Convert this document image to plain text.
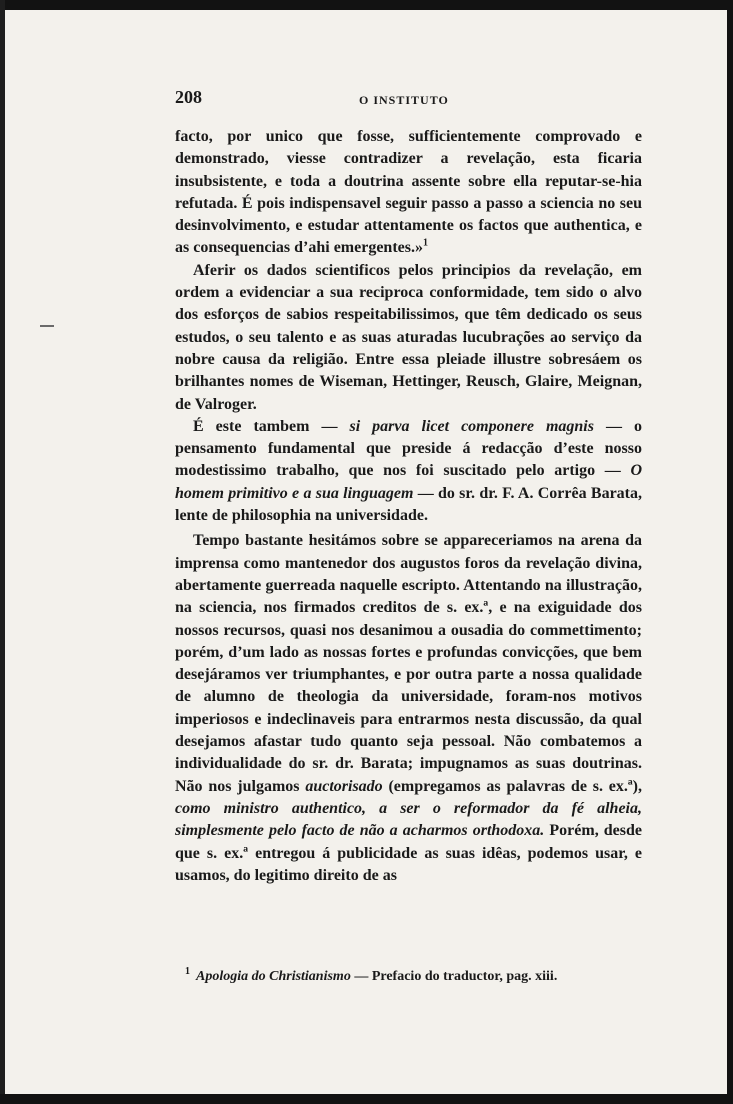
208	O INSTITUTO

facto, por unico que fosse, sufficientemente comprovado e demonstrado, viesse contradizer a revelação, esta ficaria insubsistente, e toda a doutrina assente sobre ella reputar-se-hia refutada. É pois indispensavel seguir passo a passo a sciencia no seu desinvolvimento, e estudar attentamente os factos que authentica, e as consequencias d’ahi emergentes.»$^1$

Aferir os dados scientificos pelos principios da revelação, em ordem a evidenciar a sua reciproca conformidade, tem sido o alvo dos esforços de sabios respeitabilissimos, que têm dedicado os seus estudos, o seu talento e as suas aturadas lucubrações ao serviço da nobre causa da religião. Entre essa pleiade illustre sobresáem os brilhantes nomes de Wiseman, Hettinger, Reusch, Glaire, Meignan, de Valroger.

É este tambem — si parva licet componere magnis — o pensamento fundamental que preside á redacção d’este nosso modestissimo trabalho, que nos foi suscitado pelo artigo — O homem primitivo e a sua linguagem — do sr. dr. F. A. Corrêa Barata, lente de philosophia na universidade.

Tempo bastante hesitámos sobre se appareceriamos na arena da imprensa como mantenedor dos augustos foros da revelação divina, abertamente guerreada naquelle escripto. Attentando na illustração, na sciencia, nos firmados creditos de s. ex.ª, e na exiguidade dos nossos recursos, quasi nos desanimou a ousadia do commettimento; porém, d’um lado as nossas fortes e profundas convicções, que bem desejáramos ver triumphantes, e por outra parte a nossa qualidade de alumno de theologia da universidade, foram-nos motivos imperiosos e indeclinaveis para entrarmos nesta discussão, da qual desejamos afastar tudo quanto seja pessoal. Não combatemos a individualidade do sr. dr. Barata; impugnamos as suas doutrinas. Não nos julgamos auctorisado (empregamos as palavras de s. ex.ª), como ministro authentico, a ser o reformador da fé alheia, simplesmente pelo facto de não a acharmos orthodoxa. Porém, desde que s. ex.ª entregou á publicidade as suas idêas, podemos usar, e usamos, do legitimo direito de as

$^1$ Apologia do Christianismo — Prefacio do traductor, pag. xiii.
